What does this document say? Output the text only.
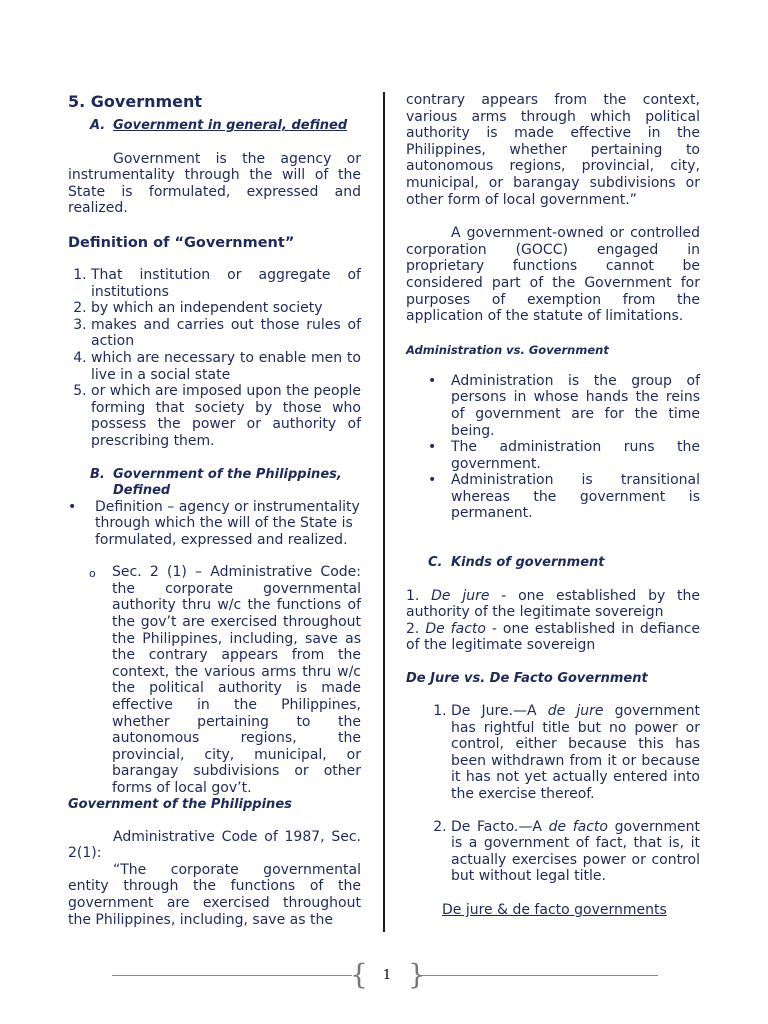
5. Government
A. Government in general, defined

Government is the agency or instrumentality through the will of the State is formulated, expressed and realized.

Definition of “Government”
1. That institution or aggregate of institutions
2. by which an independent society
3. makes and carries out those rules of action
4. which are necessary to enable men to live in a social state
5. or which are imposed upon the people forming that society by those who possess the power or authority of prescribing them.
B. Government of the Philippines, Defined
• Definition – agency or instrumentality through which the will of the State is formulated, expressed and realized.

o Sec. 2 (1) – Administrative Code: the corporate governmental authority thru w/c the functions of the gov’t are exercised throughout the Philippines, including, save as the contrary appears from the context, the various arms thru w/c the political authority is made effective in the Philippines, whether pertaining to the autonomous regions, the provincial, city, municipal, or barangay subdivisions or other forms of local gov’t.

Government of the Philippines

Administrative Code of 1987, Sec. 2(1):

“The corporate governmental entity through the functions of the government are exercised throughout the Philippines, including, save as the

contrary appears from the context, various arms through which political authority is made effective in the Philippines, whether pertaining to autonomous regions, provincial, city, municipal, or barangay subdivisions or other form of local government.”

A government-owned or controlled corporation (GOCC) engaged in proprietary functions cannot be considered part of the Government for purposes of exemption from the application of the statute of limitations.

Administration vs. Government
• Administration is the group of persons in whose hands the reins of government are for the time being.
• The administration runs the government.
• Administration is transitional whereas the government is permanent.
C. Kinds of government

1. De jure - one established by the authority of the legitimate sovereign

2. De facto - one established in defiance of the legitimate sovereign

De Jure vs. De Facto Government
1. De Jure.—A de jure government has rightful title but no power or control, either because this has been withdrawn from it or because it has not yet actually entered into the exercise thereof.
2. De Facto.—A de facto government is a government of fact, that is, it actually exercises power or control but without legal title.
De jure & de facto governments
{ }
1
